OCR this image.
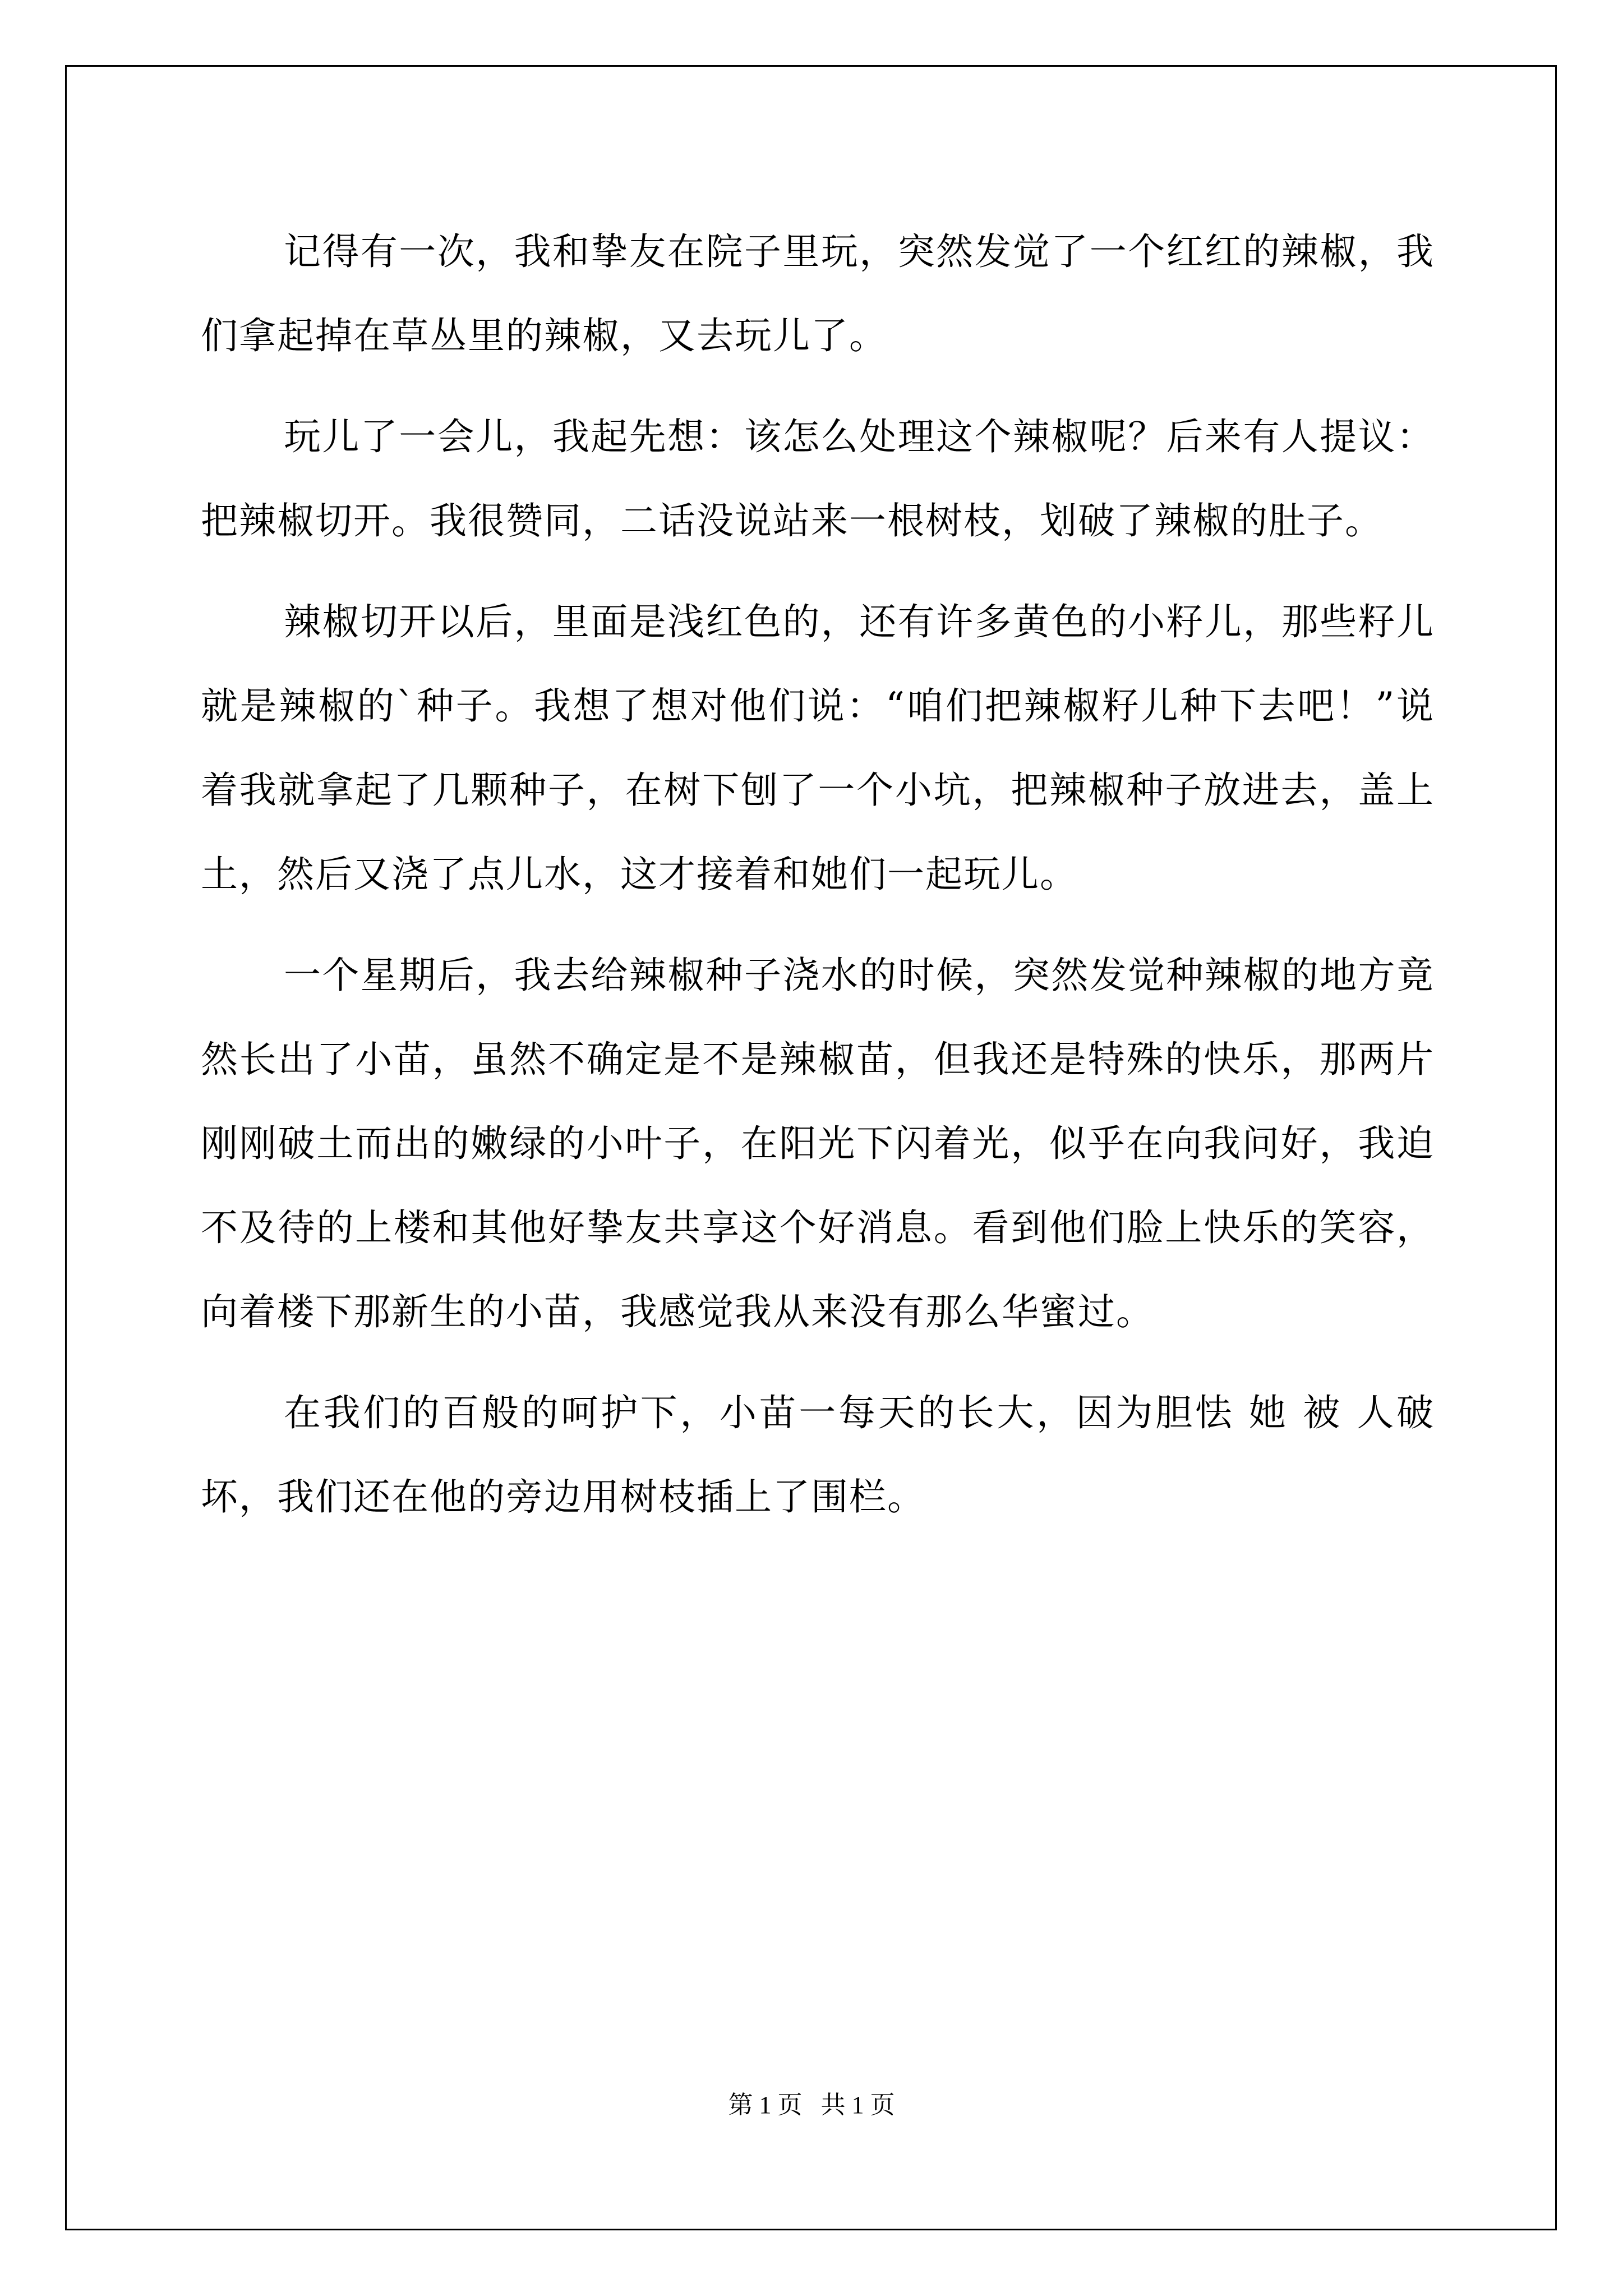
记得有一次，我和挚友在院子里玩，突然发觉了一个红红的辣椒，我们拿起掉在草丛里的辣椒，又去玩儿了。

玩儿了一会儿，我起先想：该怎么处理这个辣椒呢？后来有人提议：把辣椒切开。我很赞同，二话没说站来一根树枝，划破了辣椒的肚子。

辣椒切开以后，里面是浅红色的，还有许多黄色的小籽儿，那些籽儿就是辣椒的`种子。我想了想对他们说：“咱们把辣椒籽儿种下去吧！”说着我就拿起了几颗种子，在树下刨了一个小坑，把辣椒种子放进去，盖上土，然后又浇了点儿水，这才接着和她们一起玩儿。

一个星期后，我去给辣椒种子浇水的时候，突然发觉种辣椒的地方竟然长出了小苗，虽然不确定是不是辣椒苗，但我还是特殊的快乐，那两片刚刚破土而出的嫩绿的小叶子，在阳光下闪着光，似乎在向我问好，我迫不及待的上楼和其他好挚友共享这个好消息。看到他们脸上快乐的笑容，向着楼下那新生的小苗，我感觉我从来没有那么华蜜过。

在我们的百般的呵护下，小苗一每天的长大，因为胆怯 她 被 人破坏，我们还在他的旁边用树枝插上了围栏。

第 1 页   共 1 页
